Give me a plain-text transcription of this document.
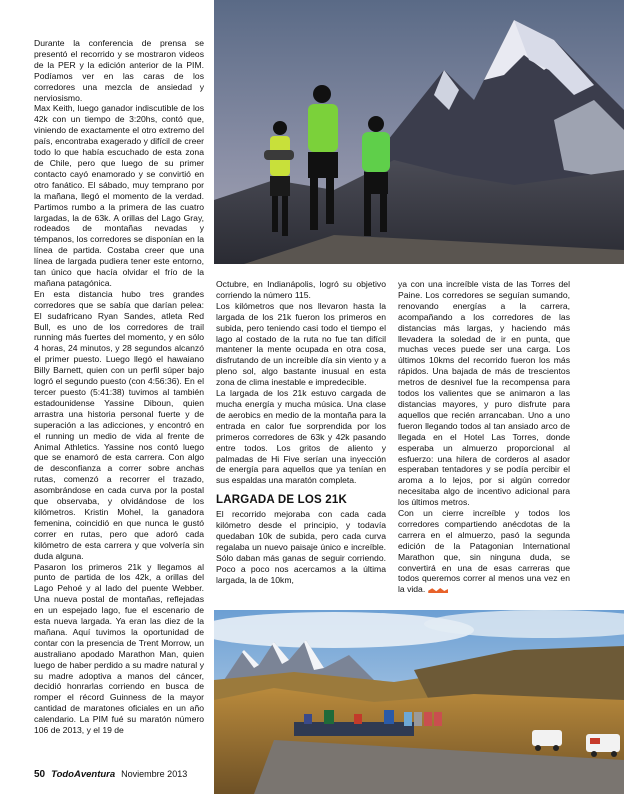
Durante la conferencia de prensa se presentó el recorrido y se mostraron videos de la PER y la edición anterior de la PIM. Podíamos ver en las caras de los corredores una mezcla de ansiedad y nerviosismo.

Max Keith, luego ganador indiscutible de los 42k con un tiempo de 3:20hs, contó que, viniendo de exactamente el otro extremo del país, encontraba exagerado y difícil de creer todo lo que había escuchado de esta zona de Chile, pero que luego de su primer contacto cayó enamorado y se convirtió en otro fanático. El sábado, muy temprano por la mañana, llegó el momento de la verdad. Partimos rumbo a la primera de las cuatro largadas, la de 63k. A orillas del Lago Gray, rodeados de montañas nevadas y témpanos, los corredores se disponían en la línea de partida. Costaba creer que una línea de largada pudiera tener este entorno, tan único que hacía olvidar el frío de la mañana patagónica.

En esta distancia hubo tres grandes corredores que se sabía que darían pelea: El sudafricano Ryan Sandes, atleta Red Bull, es uno de los corredores de trail running más fuertes del momento, y en sólo 4 horas, 24 minutos, y 28 segundos alcanzó el primer puesto. Luego llegó el hawaiano Billy Barnett, quien con un perfil súper bajo logró el segundo puesto (con 4:56:36). En el tercer puesto (5:41:38) tuvimos al también estadounidense Yassine Diboun, quien arrastra una historia personal fuerte y de superación a las adicciones, y encontró en el running un medio de vida al frente de Animal Athletics. Yassine nos contó luego que se enamoró de esta carrera. Con algo de desconfianza a correr sobre anchas rutas, comenzó a recorrer el trazado, asombrándose en cada curva por la postal que observaba, y olvidándose de los kilómetros. Kristin Mohel, la ganadora femenina, coincidió en que nunca le gustó correr en rutas, pero que adoró cada kilómetro de esta carrera y que volvería sin duda alguna.

Pasaron los primeros 21k y llegamos al punto de partida de los 42k, a orillas del Lago Pehoé y al lado del puente Webber. Una nueva postal de montañas, reflejadas en un espejado lago, fue el escenario de esta nueva largada. Ya eran las diez de la mañana. Aquí tuvimos la oportunidad de contar con la presencia de Trent Morrow, un australiano apodado Marathon Man, quien luego de haber perdido a su madre natural y su madre adoptiva a manos del cáncer, decidió honrarlas corriendo en busca de romper el récord Guinness de la mayor cantidad de maratones oficiales en un año calendario. La PIM fué su maratón número 106 de 2013, y el 19 de

Octubre, en Indianápolis, logró su objetivo corriendo la número 115.

Los kilómetros que nos llevaron hasta la largada de los 21k fueron los primeros en subida, pero teniendo casi todo el tiempo el lago al costado de la ruta no fue tan difícil mantener la mente ocupada en otra cosa, disfrutando de un increíble día sin viento y a pleno sol, algo bastante inusual en esta zona de clima inestable e impredecible.

La largada de los 21k estuvo cargada de mucha energía y mucha música. Una clase de aerobics en medio de la montaña para la entrada en calor fue sorprendida por los primeros corredores de 63k y 42k pasando entre todos. Los gritos de aliento y palmadas de Hi Five serían una inyección de energía para aquellos que ya tenían en sus espaldas una maratón completa.

LARGADA DE LOS 21K

El recorrido mejoraba con cada cada kilómetro desde el principio, y todavía quedaban 10k de subida, pero cada curva regalaba un nuevo paisaje único e increíble. Sólo daban más ganas de seguir corriendo. Poco a poco nos acercamos a la última largada, la de 10km,

ya con una increíble vista de las Torres del Paine. Los corredores se seguían sumando, renovando energías a la carrera, acompañando a los corredores de las distancias más largas, y haciendo más llevadera la soledad de ir en punta, que muchas veces puede ser una carga. Los últimos 10kms del recorrido fueron los más rápidos. Una bajada de más de trescientos metros de desnivel fue la recompensa para todos los valientes que se animaron a las distancias mayores, y puro disfrute para aquellos que recién arrancaban. Uno a uno fueron llegando todos al tan ansiado arco de llegada en el Hotel Las Torres, donde esperaba un almuerzo proporcional al esfuerzo: una hilera de corderos al asador esperaban tentadores y se podía percibir el aroma a lo lejos, por si algún corredor necesitaba algo de incentivo adicional para los últimos metros.

Con un cierre increíble y todos los corredores compartiendo anécdotas de la carrera en el almuerzo, pasó la segunda edición de la Patagonian International Marathon que, sin ninguna duda, se convertirá en una de esas carreras que todos queremos correr al menos una vez en la vida.

50 TodoAventura Noviembre 2013
